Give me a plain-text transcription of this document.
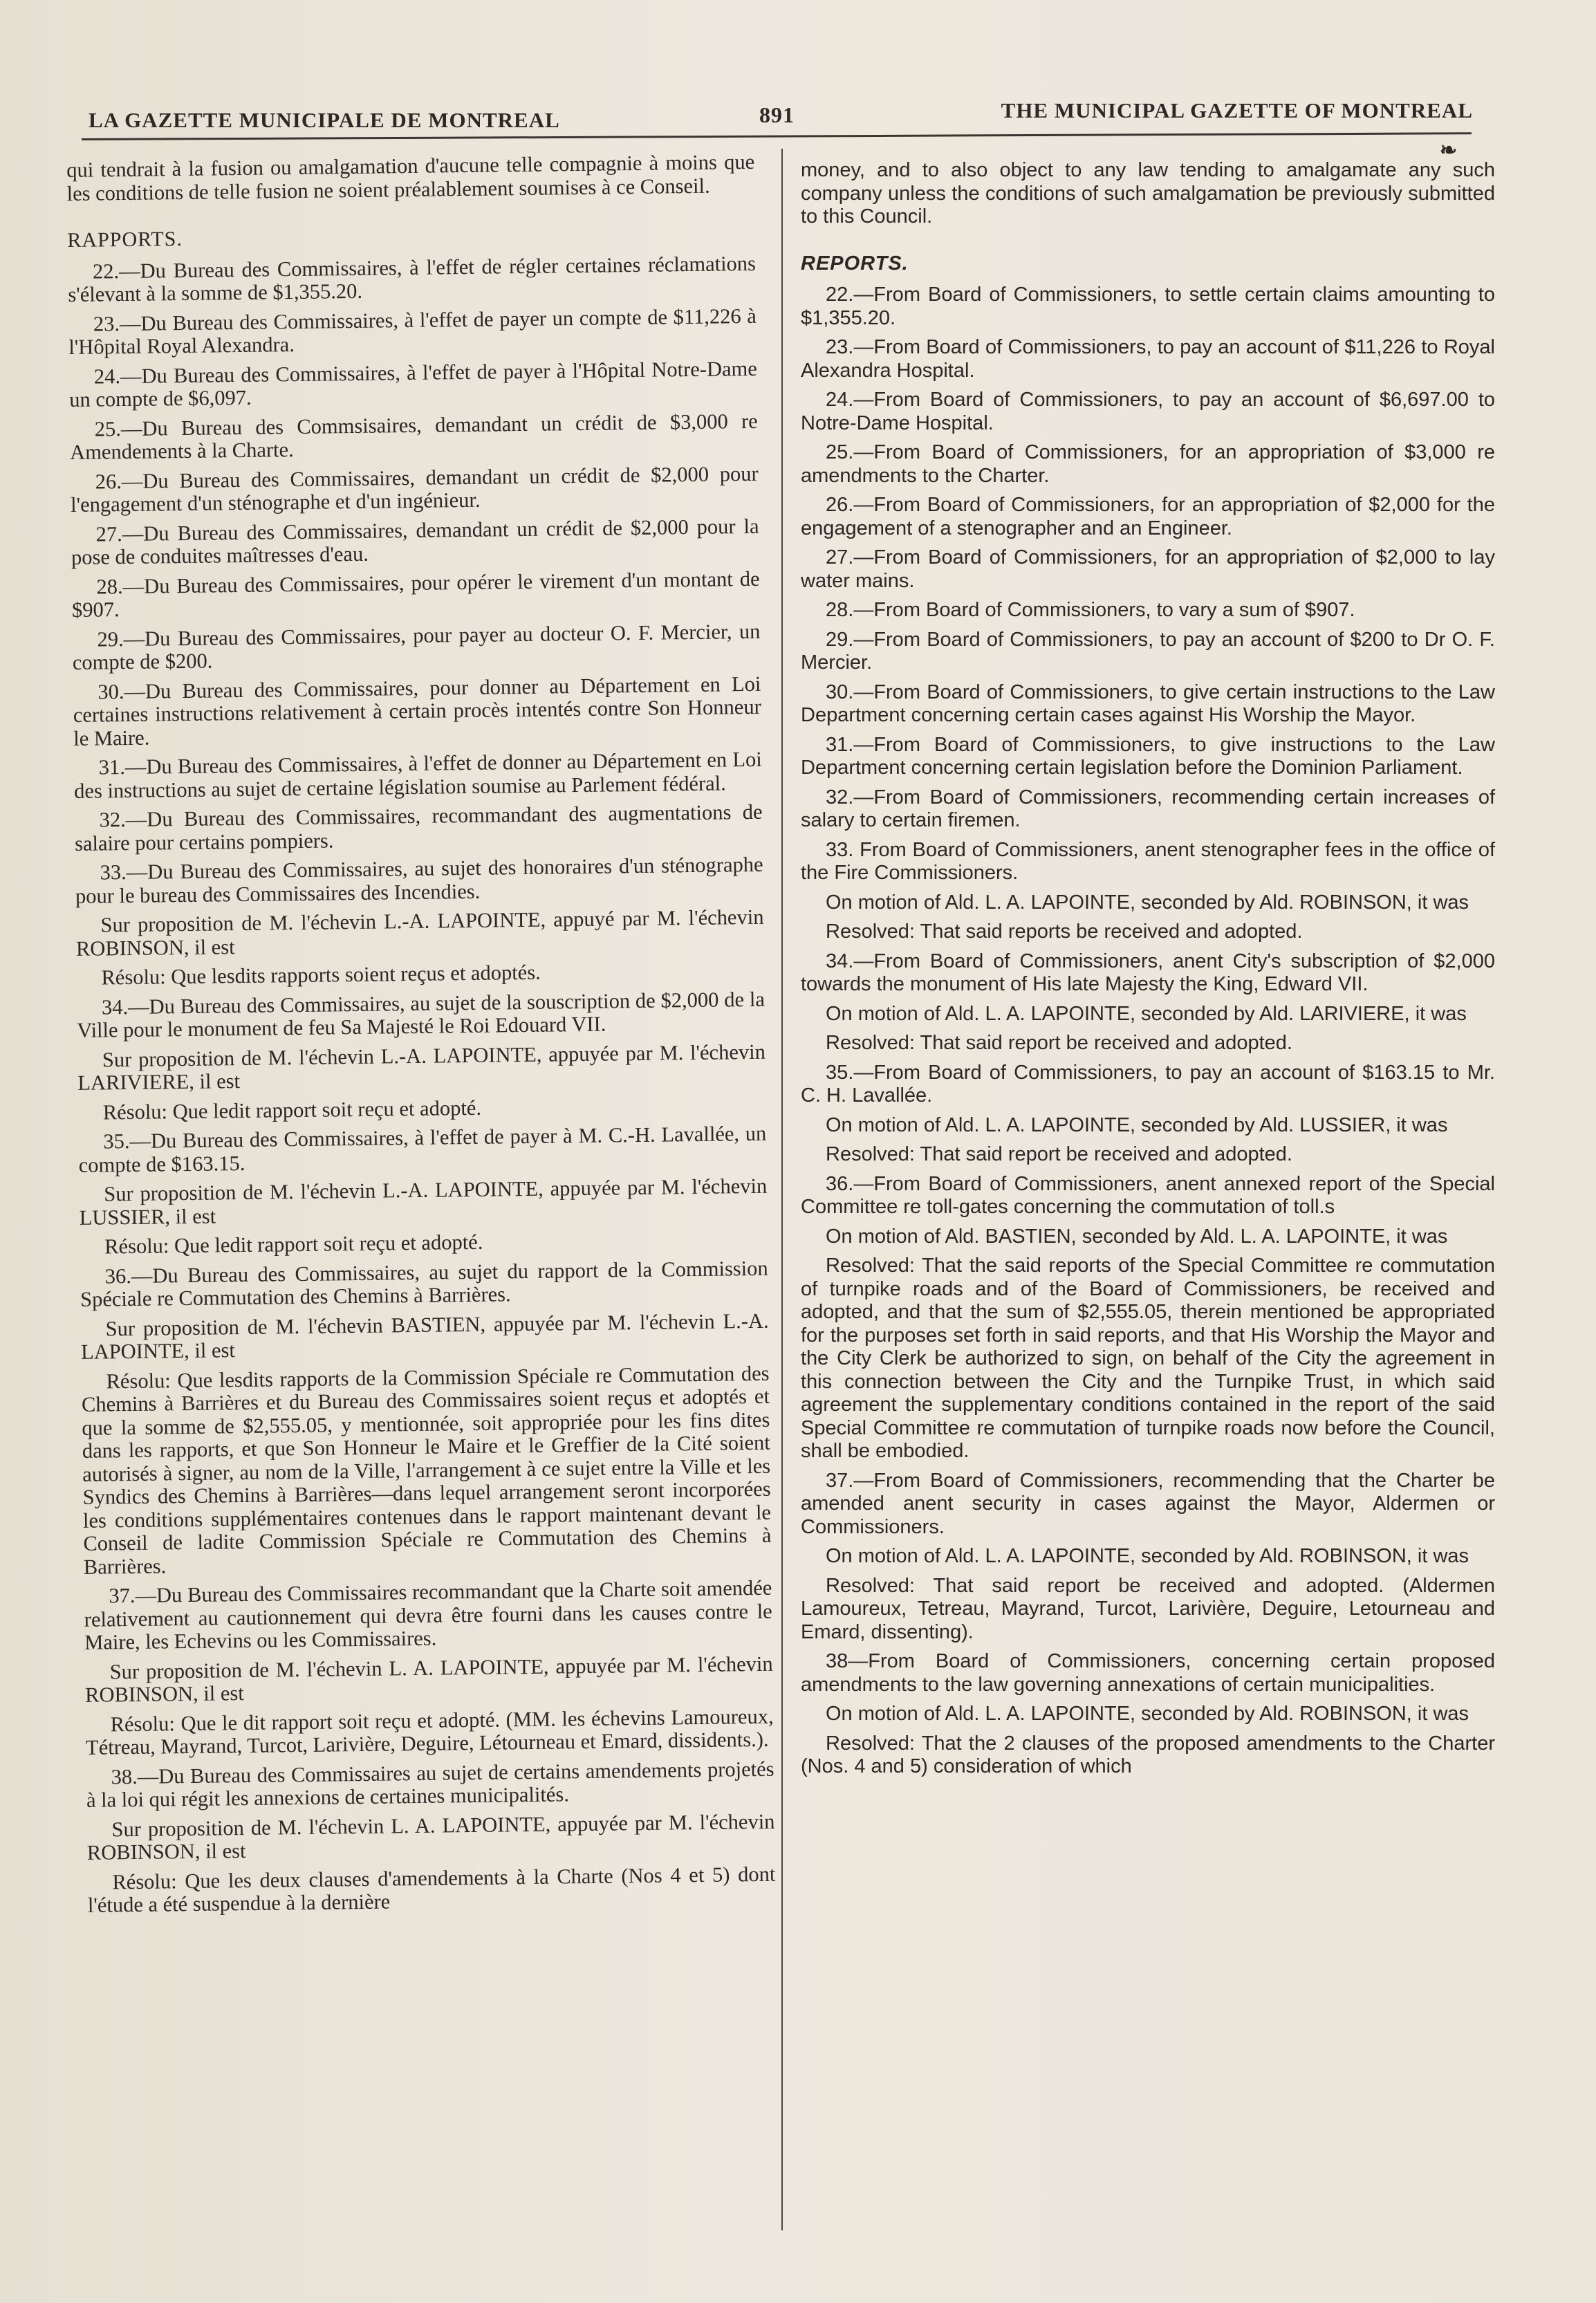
LA GAZETTE MUNICIPALE DE MONTREAL	891	THE MUNICIPAL GAZETTE OF MONTREAL
❧

qui tendrait à la fusion ou amalgamation d'aucune telle compagnie à moins que les conditions de telle fusion ne soient préalablement soumises à ce Conseil.

RAPPORTS.

22.—Du Bureau des Commissaires, à l'effet de régler certaines réclamations s'élevant à la somme de $1,355.20.

23.—Du Bureau des Commissaires, à l'effet de payer un compte de $11,226 à l'Hôpital Royal Alexandra.

24.—Du Bureau des Commissaires, à l'effet de payer à l'Hôpital Notre-Dame un compte de $6,097.

25.—Du Bureau des Commsisaires, demandant un crédit de $3,000 re Amendements à la Charte.

26.—Du Bureau des Commissaires, demandant un crédit de $2,000 pour l'engagement d'un sténographe et d'un ingénieur.

27.—Du Bureau des Commissaires, demandant un crédit de $2,000 pour la pose de conduites maîtresses d'eau.

28.—Du Bureau des Commissaires, pour opérer le virement d'un montant de $907.

29.—Du Bureau des Commissaires, pour payer au docteur O. F. Mercier, un compte de $200.

30.—Du Bureau des Commissaires, pour donner au Département en Loi certaines instructions relativement à certain procès intentés contre Son Honneur le Maire.

31.—Du Bureau des Commissaires, à l'effet de donner au Département en Loi des instructions au sujet de certaine législation soumise au Parlement fédéral.

32.—Du Bureau des Commissaires, recommandant des augmentations de salaire pour certains pompiers.

33.—Du Bureau des Commissaires, au sujet des honoraires d'un sténographe pour le bureau des Commissaires des Incendies.

Sur proposition de M. l'échevin L.-A. LAPOINTE, appuyé par M. l'échevin ROBINSON, il est

Résolu: Que lesdits rapports soient reçus et adoptés.

34.—Du Bureau des Commissaires, au sujet de la souscription de $2,000 de la Ville pour le monument de feu Sa Majesté le Roi Edouard VII.

Sur proposition de M. l'échevin L.-A. LAPOINTE, appuyée par M. l'échevin LARIVIERE, il est

Résolu: Que ledit rapport soit reçu et adopté.

35.—Du Bureau des Commissaires, à l'effet de payer à M. C.-H. Lavallée, un compte de $163.15.

Sur proposition de M. l'échevin L.-A. LAPOINTE, appuyée par M. l'échevin LUSSIER, il est

Résolu: Que ledit rapport soit reçu et adopté.

36.—Du Bureau des Commissaires, au sujet du rapport de la Commission Spéciale re Commutation des Chemins à Barrières.

Sur proposition de M. l'échevin BASTIEN, appuyée par M. l'échevin L.-A. LAPOINTE, il est

Résolu: Que lesdits rapports de la Commission Spéciale re Commutation des Chemins à Barrières et du Bureau des Commissaires soient reçus et adoptés et que la somme de $2,555.05, y mentionnée, soit appropriée pour les fins dites dans les rapports, et que Son Honneur le Maire et le Greffier de la Cité soient autorisés à signer, au nom de la Ville, l'arrangement à ce sujet entre la Ville et les Syndics des Chemins à Barrières—dans lequel arrangement seront incorporées les conditions supplémentaires contenues dans le rapport maintenant devant le Conseil de ladite Commission Spéciale re Commutation des Chemins à Barrières.

37.—Du Bureau des Commissaires recommandant que la Charte soit amendée relativement au cautionnement qui devra être fourni dans les causes contre le Maire, les Echevins ou les Commissaires.

Sur proposition de M. l'échevin L. A. LAPOINTE, appuyée par M. l'échevin ROBINSON, il est

Résolu: Que le dit rapport soit reçu et adopté. (MM. les échevins Lamoureux, Tétreau, Mayrand, Turcot, Larivière, Deguire, Létourneau et Emard, dissidents.).

38.—Du Bureau des Commissaires au sujet de certains amendements projetés à la loi qui régit les annexions de certaines municipalités.

Sur proposition de M. l'échevin L. A. LAPOINTE, appuyée par M. l'échevin ROBINSON, il est

Résolu: Que les deux clauses d'amendements à la Charte (Nos 4 et 5) dont l'étude a été suspendue à la dernière

money, and to also object to any law tending to amalgamate any such company unless the conditions of such amalgamation be previously submitted to this Council.

REPORTS.

22.—From Board of Commissioners, to settle certain claims amounting to $1,355.20.

23.—From Board of Commissioners, to pay an account of $11,226 to Royal Alexandra Hospital.

24.—From Board of Commissioners, to pay an account of $6,697.00 to Notre-Dame Hospital.

25.—From Board of Commissioners, for an appropriation of $3,000 re amendments to the Charter.

26.—From Board of Commissioners, for an appropriation of $2,000 for the engagement of a stenographer and an Engineer.

27.—From Board of Commissioners, for an appropriation of $2,000 to lay water mains.

28.—From Board of Commissioners, to vary a sum of $907.

29.—From Board of Commissioners, to pay an account of $200 to Dr O. F. Mercier.

30.—From Board of Commissioners, to give certain instructions to the Law Department concerning certain cases against His Worship the Mayor.

31.—From Board of Commissioners, to give instructions to the Law Department concerning certain legislation before the Dominion Parliament.

32.—From Board of Commissioners, recommending certain increases of salary to certain firemen.

33. From Board of Commissioners, anent stenographer fees in the office of the Fire Commissioners.

On motion of Ald. L. A. LAPOINTE, seconded by Ald. ROBINSON, it was

Resolved: That said reports be received and adopted.

34.—From Board of Commissioners, anent City's subscription of $2,000 towards the monument of His late Majesty the King, Edward VII.

On motion of Ald. L. A. LAPOINTE, seconded by Ald. LARIVIERE, it was

Resolved: That said report be received and adopted.

35.—From Board of Commissioners, to pay an account of $163.15 to Mr. C. H. Lavallée.

On motion of Ald. L. A. LAPOINTE, seconded by Ald. LUSSIER, it was

Resolved: That said report be received and adopted.

36.—From Board of Commissioners, anent annexed report of the Special Committee re toll-gates concerning the commutation of toll.s

On motion of Ald. BASTIEN, seconded by Ald. L. A. LAPOINTE, it was

Resolved: That the said reports of the Special Committee re commutation of turnpike roads and of the Board of Commissioners, be received and adopted, and that the sum of $2,555.05, therein mentioned be appropriated for the purposes set forth in said reports, and that His Worship the Mayor and the City Clerk be authorized to sign, on behalf of the City the agreement in this connection between the City and the Turnpike Trust, in which said agreement the supplementary conditions contained in the report of the said Special Committee re commutation of turnpike roads now before the Council, shall be embodied.

37.—From Board of Commissioners, recommending that the Charter be amended anent security in cases against the Mayor, Aldermen or Commissioners.

On motion of Ald. L. A. LAPOINTE, seconded by Ald. ROBINSON, it was

Resolved: That said report be received and adopted. (Aldermen Lamoureux, Tetreau, Mayrand, Turcot, Larivière, Deguire, Letourneau and Emard, dissenting).

38—From Board of Commissioners, concerning certain proposed amendments to the law governing annexations of certain municipalities.

On motion of Ald. L. A. LAPOINTE, seconded by Ald. ROBINSON, it was

Resolved: That the 2 clauses of the proposed amendments to the Charter (Nos. 4 and 5) consideration of which
